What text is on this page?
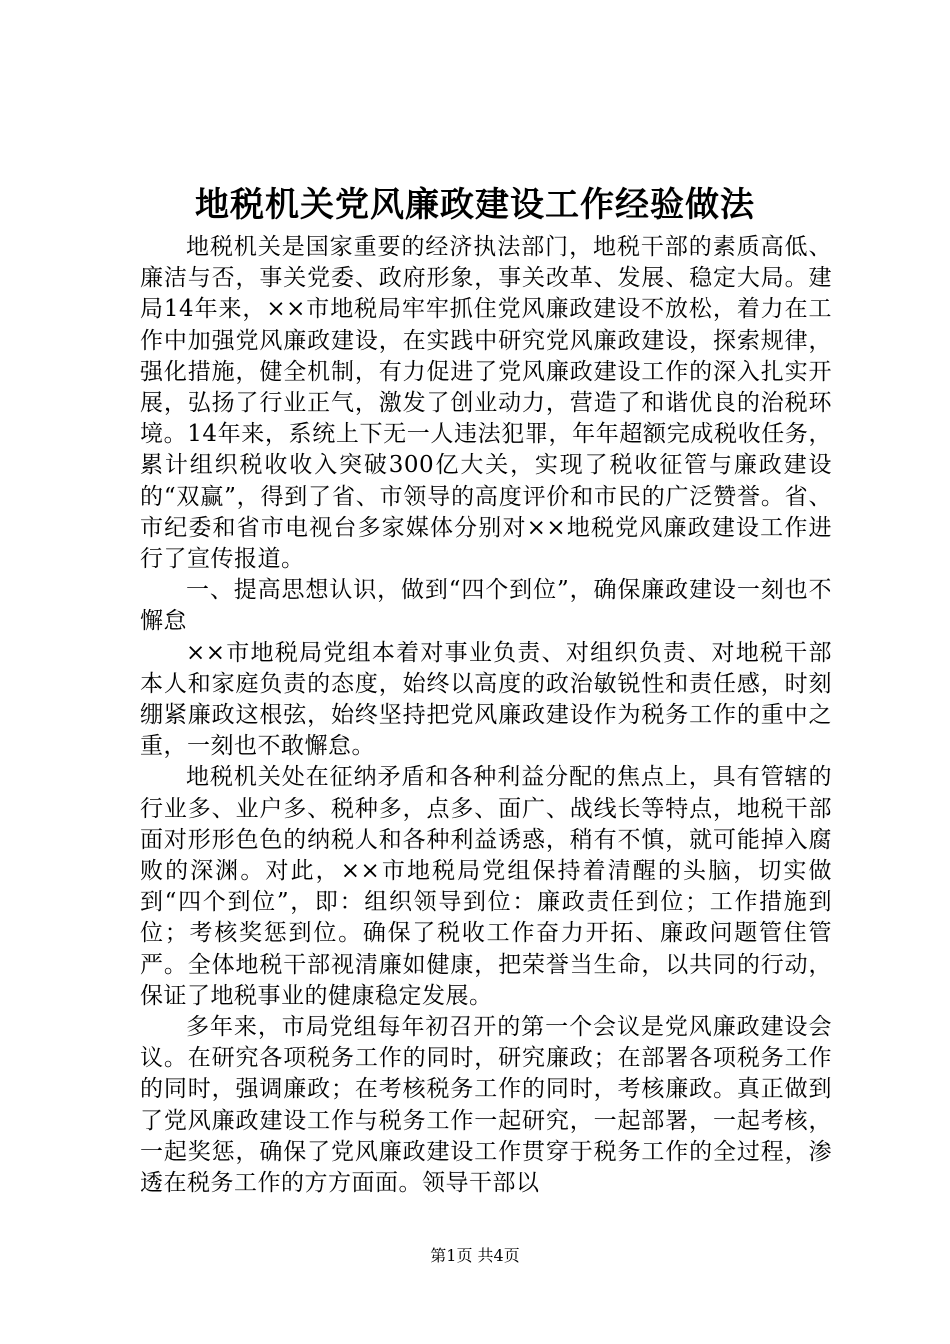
地税机关党风廉政建设工作经验做法

地税机关是国家重要的经济执法部门，地税干部的素质高低、廉洁与否，事关党委、政府形象，事关改革、发展、稳定大局。建局14年来，××市地税局牢牢抓住党风廉政建设不放松，着力在工作中加强党风廉政建设，在实践中研究党风廉政建设，探索规律，强化措施，健全机制，有力促进了党风廉政建设工作的深入扎实开展，弘扬了行业正气，激发了创业动力，营造了和谐优良的治税环境。14年来，系统上下无一人违法犯罪，年年超额完成税收任务，累计组织税收收入突破300亿大关，实现了税收征管与廉政建设的“双赢”，得到了省、市领导的高度评价和市民的广泛赞誉。省、市纪委和省市电视台多家媒体分别对××地税党风廉政建设工作进行了宣传报道。

一、提高思想认识，做到“四个到位”，确保廉政建设一刻也不懈怠

××市地税局党组本着对事业负责、对组织负责、对地税干部本人和家庭负责的态度，始终以高度的政治敏锐性和责任感，时刻绷紧廉政这根弦，始终坚持把党风廉政建设作为税务工作的重中之重，一刻也不敢懈怠。

地税机关处在征纳矛盾和各种利益分配的焦点上，具有管辖的行业多、业户多、税种多，点多、面广、战线长等特点，地税干部面对形形色色的纳税人和各种利益诱惑，稍有不慎，就可能掉入腐败的深渊。对此，××市地税局党组保持着清醒的头脑，切实做到“四个到位”，即：组织领导到位：廉政责任到位；工作措施到位；考核奖惩到位。确保了税收工作奋力开拓、廉政问题管住管严。全体地税干部视清廉如健康，把荣誉当生命，以共同的行动，保证了地税事业的健康稳定发展。

多年来，市局党组每年初召开的第一个会议是党风廉政建设会议。在研究各项税务工作的同时，研究廉政；在部署各项税务工作的同时，强调廉政；在考核税务工作的同时，考核廉政。真正做到了党风廉政建设工作与税务工作一起研究，一起部署，一起考核，一起奖惩，确保了党风廉政建设工作贯穿于税务工作的全过程，渗透在税务工作的方方面面。领导干部以

第1页 共4页
